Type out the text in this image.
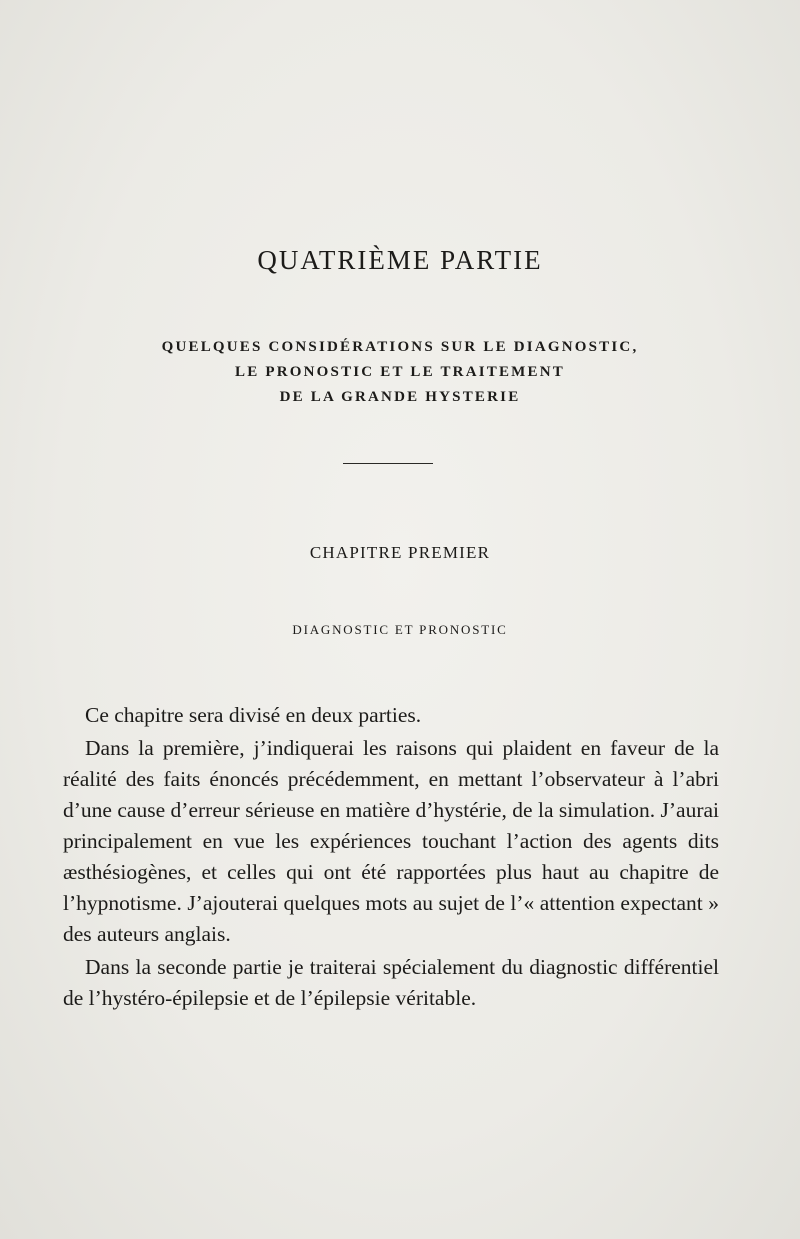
QUATRIÈME PARTIE
QUELQUES CONSIDÉRATIONS SUR LE DIAGNOSTIC,
LE PRONOSTIC ET LE TRAITEMENT
DE LA GRANDE HYSTERIE
CHAPITRE PREMIER
DIAGNOSTIC ET PRONOSTIC

Ce chapitre sera divisé en deux parties.

Dans la première, j’indiquerai les raisons qui plaident en faveur de la réalité des faits énoncés précédemment, en mettant l’observateur à l’abri d’une cause d’erreur sérieuse en matière d’hystérie, de la simulation. J’aurai principalement en vue les expériences touchant l’action des agents dits æsthésiogènes, et celles qui ont été rapportées plus haut au chapitre de l’hypnotisme. J’ajouterai quelques mots au sujet de l’« attention expectant » des auteurs anglais.

Dans la seconde partie je traiterai spécialement du diagnostic différentiel de l’hystéro-épilepsie et de l’épilepsie véritable.
